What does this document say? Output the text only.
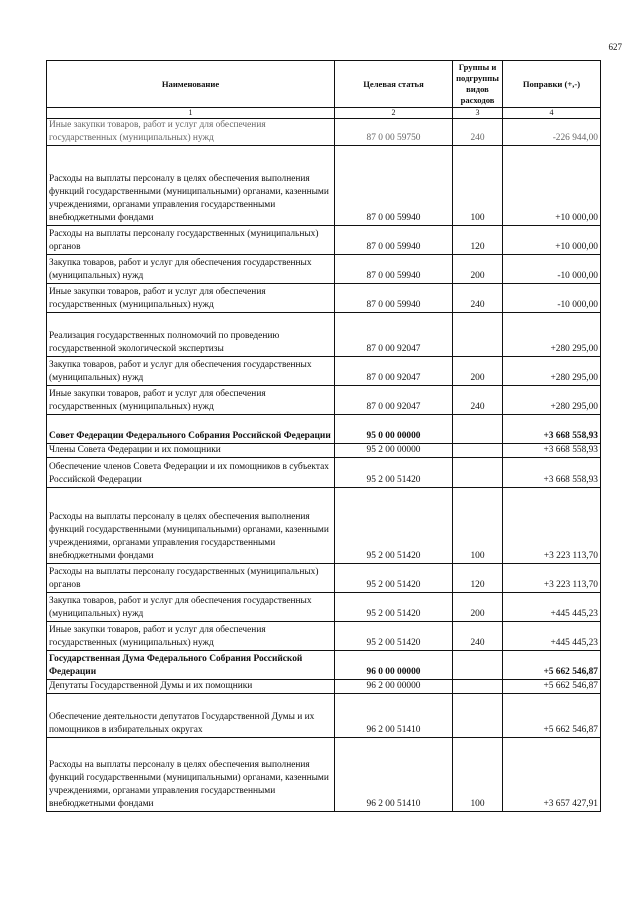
627
Наименование	Целевая статья	Группы и подгруппы видов расходов	Поправки (+,-)
1	2	3	4
Иные закупки товаров, работ и услуг для обеспечения государственных (муниципальных) нужд	87 0 00 59750	240	-226 944,00
Расходы на выплаты персоналу в целях обеспечения выполнения функций государственными (муниципальными) органами, казенными учреждениями, органами управления государственными внебюджетными фондами	87 0 00 59940	100	+10 000,00
Расходы на выплаты персоналу государственных (муниципальных) органов	87 0 00 59940	120	+10 000,00
Закупка товаров, работ и услуг для обеспечения государственных (муниципальных) нужд	87 0 00 59940	200	-10 000,00
Иные закупки товаров, работ и услуг для обеспечения государственных (муниципальных) нужд	87 0 00 59940	240	-10 000,00
Реализация государственных полномочий по проведению государственной экологической экспертизы	87 0 00 92047		+280 295,00
Закупка товаров, работ и услуг для обеспечения государственных (муниципальных) нужд	87 0 00 92047	200	+280 295,00
Иные закупки товаров, работ и услуг для обеспечения государственных (муниципальных) нужд	87 0 00 92047	240	+280 295,00
Совет Федерации Федерального Собрания Российской Федерации	95 0 00 00000		+3 668 558,93
Члены Совета Федерации и их помощники	95 2 00 00000		+3 668 558,93
Обеспечение членов Совета Федерации и их помощников в субъектах Российской Федерации	95 2 00 51420		+3 668 558,93
Расходы на выплаты персоналу в целях обеспечения выполнения функций государственными (муниципальными) органами, казенными учреждениями, органами управления государственными внебюджетными фондами	95 2 00 51420	100	+3 223 113,70
Расходы на выплаты персоналу государственных (муниципальных) органов	95 2 00 51420	120	+3 223 113,70
Закупка товаров, работ и услуг для обеспечения государственных (муниципальных) нужд	95 2 00 51420	200	+445 445,23
Иные закупки товаров, работ и услуг для обеспечения государственных (муниципальных) нужд	95 2 00 51420	240	+445 445,23
Государственная Дума Федерального Собрания Российской Федерации	96 0 00 00000		+5 662 546,87
Депутаты Государственной Думы и их помощники	96 2 00 00000		+5 662 546,87
Обеспечение деятельности депутатов Государственной Думы и их помощников в избирательных округах	96 2 00 51410		+5 662 546,87
Расходы на выплаты персоналу в целях обеспечения выполнения функций государственными (муниципальными) органами, казенными учреждениями, органами управления государственными внебюджетными фондами	96 2 00 51410	100	+3 657 427,91
